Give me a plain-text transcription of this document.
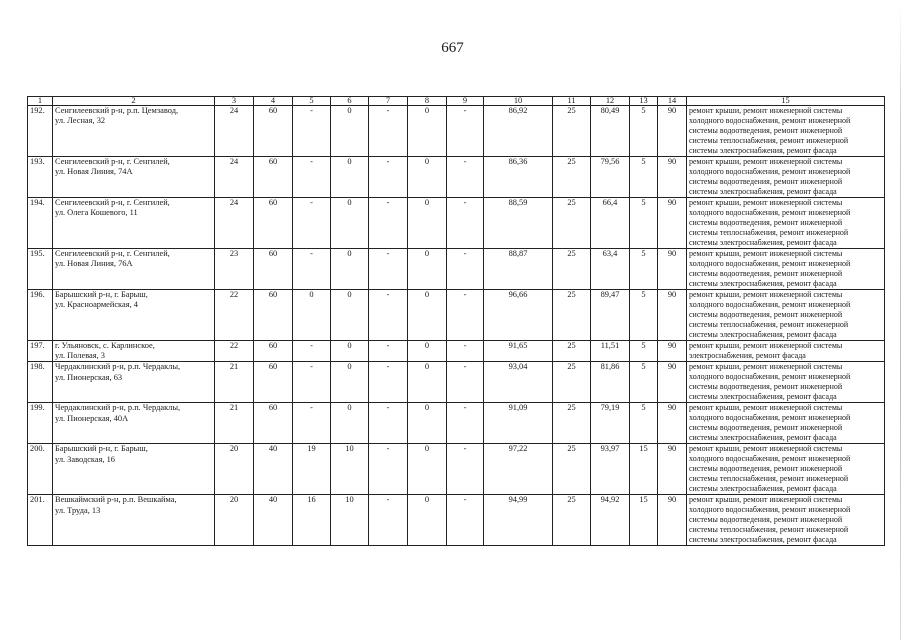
667
1	2	3	4	5	6	7	8	9	10	11	12	13	14	15
192.	Сенгилеевский р-н, р.п. Цемзавод,
ул. Лесная, 32	24	60	-	0	-	0	-	86,92	25	80,49	5	90	ремонт крыши, ремонт инженерной системы
холодного водоснабжения, ремонт инженерной
системы водоотведения, ремонт инженерной
системы теплоснабжения, ремонт инженерной
системы электроснабжения, ремонт фасада

193.	Сенгилеевский р-н, г. Сенгилей,
ул. Новая Линия, 74А	24	60	-	0	-	0	-	86,36	25	79,56	5	90	ремонт крыши, ремонт инженерной системы
холодного водоснабжения, ремонт инженерной
системы водоотведения, ремонт инженерной
системы электроснабжения, ремонт фасада

194.	Сенгилеевский р-н, г. Сенгилей,
ул. Олега Кошевого, 11	24	60	-	0	-	0	-	88,59	25	66,4	5	90	ремонт крыши, ремонт инженерной системы
холодного водоснабжения, ремонт инженерной
системы водоотведения, ремонт инженерной
системы теплоснабжения, ремонт инженерной
системы электроснабжения, ремонт фасада

195.	Сенгилеевский р-н, г. Сенгилей,
ул. Новая Линия, 76А	23	60	-	0	-	0	-	88,87	25	63,4	5	90	ремонт крыши, ремонт инженерной системы
холодного водоснабжения, ремонт инженерной
системы водоотведения, ремонт инженерной
системы электроснабжения, ремонт фасада

196.	Барышский р-н, г. Барыш,
ул. Красноармейская, 4	22	60	0	0	-	0	-	96,66	25	89,47	5	90	ремонт крыши, ремонт инженерной системы
холодного водоснабжения, ремонт инженерной
системы водоотведения, ремонт инженерной
системы теплоснабжения, ремонт инженерной
системы электроснабжения, ремонт фасада

197.	г. Ульяновск, с. Карлинское,
ул. Полевая, 3	22	60	-	0	-	0	-	91,65	25	11,51	5	90	ремонт крыши, ремонт инженерной системы
электроснабжения, ремонт фасада

198.	Чердаклинский р-н, р.п. Чердаклы,
ул. Пионерская, 63	21	60	-	0	-	0	-	93,04	25	81,86	5	90	ремонт крыши, ремонт инженерной системы
холодного водоснабжения, ремонт инженерной
системы водоотведения, ремонт инженерной
системы электроснабжения, ремонт фасада

199.	Чердаклинский р-н, р.п. Чердаклы,
ул. Пионерская, 40А	21	60	-	0	-	0	-	91,09	25	79,19	5	90	ремонт крыши, ремонт инженерной системы
холодного водоснабжения, ремонт инженерной
системы водоотведения, ремонт инженерной
системы электроснабжения, ремонт фасада

200.	Барышский р-н, г. Барыш,
ул. Заводская, 16	20	40	19	10	-	0	-	97,22	25	93,97	15	90	ремонт крыши, ремонт инженерной системы
холодного водоснабжения, ремонт инженерной
системы водоотведения, ремонт инженерной
системы теплоснабжения, ремонт инженерной
системы электроснабжения, ремонт фасада

201.	Вешкаймский р-н, р.п. Вешкайма,
ул. Труда, 13	20	40	16	10	-	0	-	94,99	25	94,92	15	90	ремонт крыши, ремонт инженерной системы
холодного водоснабжения, ремонт инженерной
системы водоотведения, ремонт инженерной
системы теплоснабжения, ремонт инженерной
системы электроснабжения, ремонт фасада
